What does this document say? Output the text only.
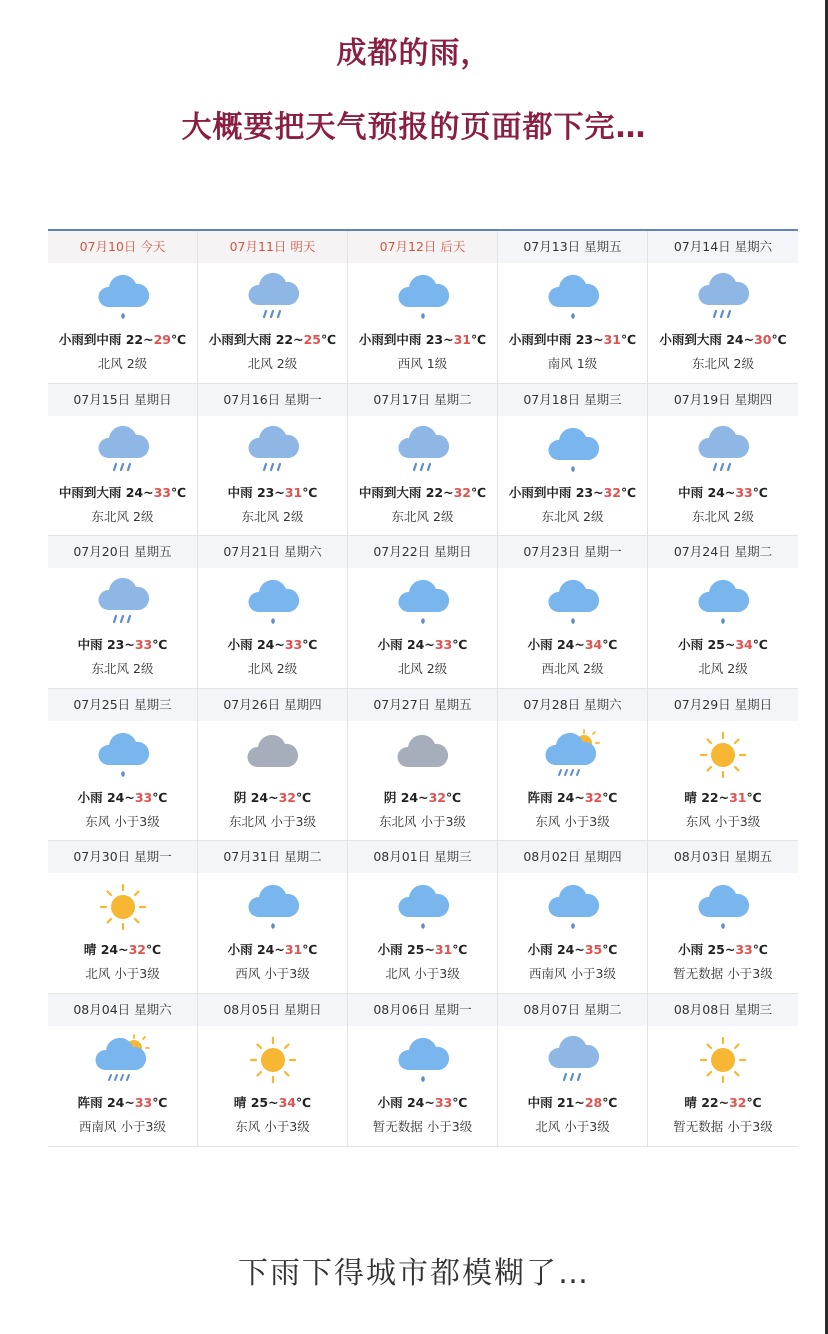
成都的雨，
大概要把天气预报的页面都下完…
07月10日 今天
小雨到中雨 22~29℃
北风 2级
07月11日 明天
小雨到大雨 22~25℃
北风 2级
07月12日 后天
小雨到中雨 23~31℃
西风 1级
07月13日 星期五
小雨到中雨 23~31℃
南风 1级
07月14日 星期六
小雨到大雨 24~30℃
东北风 2级
07月15日 星期日
中雨到大雨 24~33℃
东北风 2级
07月16日 星期一
中雨 23~31℃
东北风 2级
07月17日 星期二
中雨到大雨 22~32℃
东北风 2级
07月18日 星期三
小雨到中雨 23~32℃
东北风 2级
07月19日 星期四
中雨 24~33℃
东北风 2级
07月20日 星期五
中雨 23~33℃
东北风 2级
07月21日 星期六
小雨 24~33℃
北风 2级
07月22日 星期日
小雨 24~33℃
北风 2级
07月23日 星期一
小雨 24~34℃
西北风 2级
07月24日 星期二
小雨 25~34℃
北风 2级
07月25日 星期三
小雨 24~33℃
东风 小于3级
07月26日 星期四
阴 24~32℃
东北风 小于3级
07月27日 星期五
阴 24~32℃
东北风 小于3级
07月28日 星期六
阵雨 24~32℃
东风 小于3级
07月29日 星期日
晴 22~31℃
东风 小于3级
07月30日 星期一
晴 24~32℃
北风 小于3级
07月31日 星期二
小雨 24~31℃
西风 小于3级
08月01日 星期三
小雨 25~31℃
北风 小于3级
08月02日 星期四
小雨 24~35℃
西南风 小于3级
08月03日 星期五
小雨 25~33℃
暂无数据 小于3级
08月04日 星期六
阵雨 24~33℃
西南风 小于3级
08月05日 星期日
晴 25~34℃
东风 小于3级
08月06日 星期一
小雨 24~33℃
暂无数据 小于3级
08月07日 星期二
中雨 21~28℃
北风 小于3级
08月08日 星期三
晴 22~32℃
暂无数据 小于3级
下雨下得城市都模糊了…
